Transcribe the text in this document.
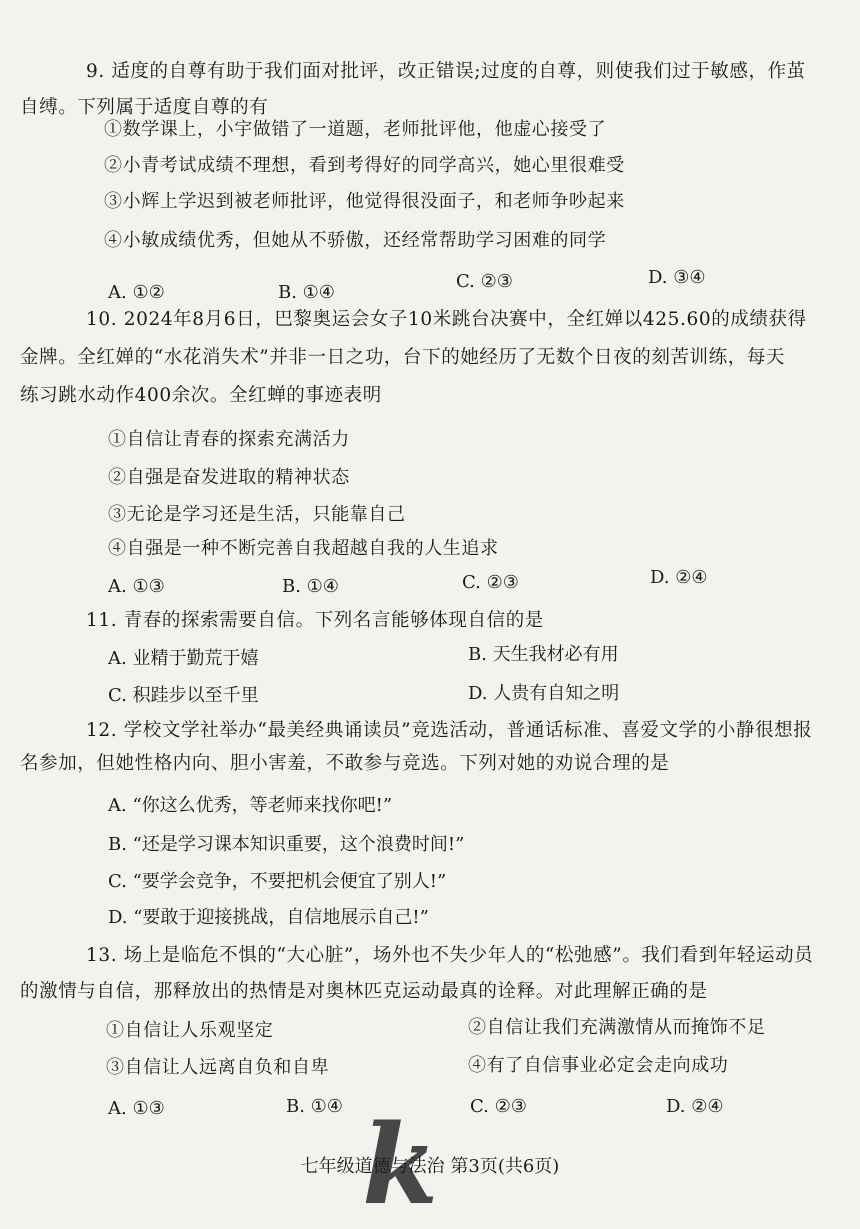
9. 适度的自尊有助于我们面对批评，改正错误;过度的自尊，则使我们过于敏感，作茧
自缚。下列属于适度自尊的有
①数学课上，小宇做错了一道题，老师批评他，他虚心接受了
②小青考试成绩不理想，看到考得好的同学高兴，她心里很难受
③小辉上学迟到被老师批评，他觉得很没面子，和老师争吵起来
④小敏成绩优秀，但她从不骄傲，还经常帮助学习困难的同学
A. ①②	B. ①④
C. ②③	D. ③④
10. 2024年8月6日，巴黎奥运会女子10米跳台决赛中，全红婵以425.60的成绩获得
金牌。全红婵的“水花消失术”并非一日之功，台下的她经历了无数个日夜的刻苦训练，每天
练习跳水动作400余次。全红蝉的事迹表明
①自信让青春的探索充满活力
②自强是奋发进取的精神状态
③无论是学习还是生活，只能靠自己
④自强是一种不断完善自我超越自我的人生追求
A. ①③	B. ①④	C. ②③	D. ②④
11. 青春的探索需要自信。下列名言能够体现自信的是
A. 业精于勤荒于嬉	B. 天生我材必有用
C. 积跬步以至千里	D. 人贵有自知之明
12. 学校文学社举办“最美经典诵读员”竞选活动，普通话标准、喜爱文学的小静很想报
名参加，但她性格内向、胆小害羞，不敢参与竞选。下列对她的劝说合理的是
A. “你这么优秀，等老师来找你吧!”
B. “还是学习课本知识重要，这个浪费时间!”
C. “要学会竞争，不要把机会便宜了别人!”
D. “要敢于迎接挑战，自信地展示自己!”
13. 场上是临危不惧的“大心脏”，场外也不失少年人的“松弛感”。我们看到年轻运动员
的激情与自信，那释放出的热情是对奥林匹克运动最真的诠释。对此理解正确的是
①自信让人乐观坚定	②自信让我们充满激情从而掩饰不足
③自信让人远离自负和自卑	④有了自信事业必定会走向成功
A. ①③	B. ①④	C. ②③	D. ②④
k
七年级道德与法治 第3页(共6页)
